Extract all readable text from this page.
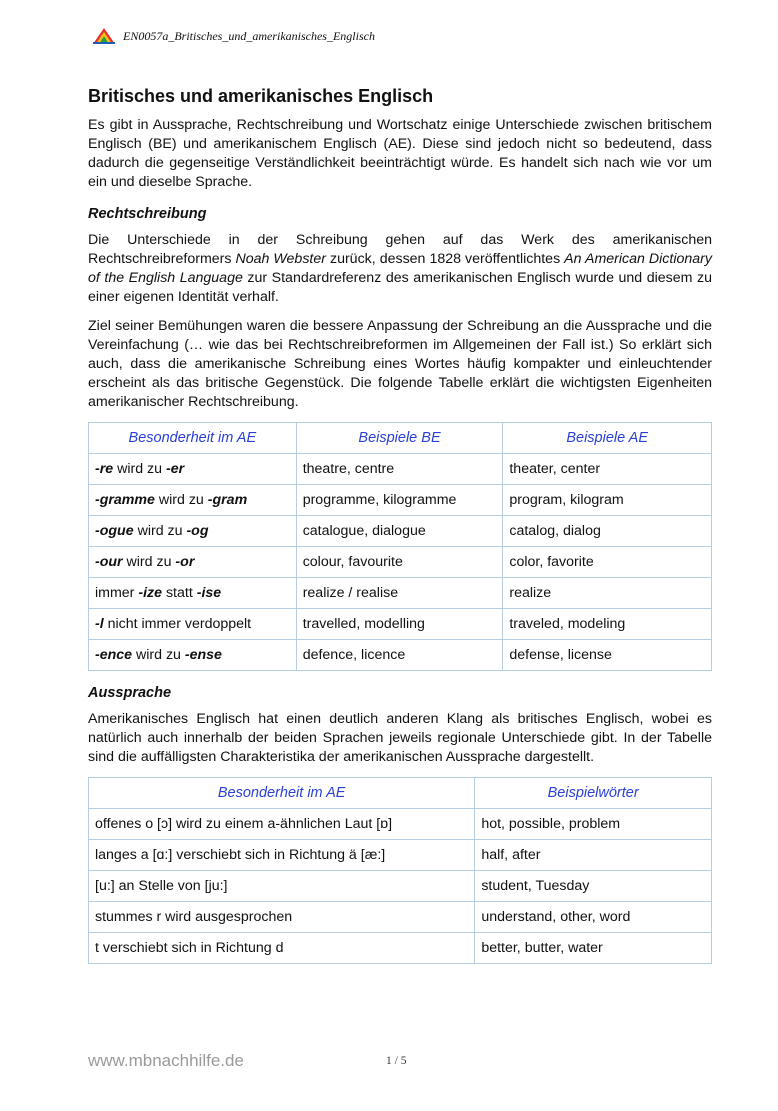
EN0057a_Britisches_und_amerikanisches_Englisch
Britisches und amerikanisches Englisch

Es gibt in Aussprache, Rechtschreibung und Wortschatz einige Unterschiede zwischen britischem Englisch (BE) und amerikanischem Englisch (AE). Diese sind jedoch nicht so bedeutend, dass dadurch die gegenseitige Verständlichkeit beeinträchtigt würde. Es handelt sich nach wie vor um ein und dieselbe Sprache.

Rechtschreibung

Die Unterschiede in der Schreibung gehen auf das Werk des amerikanischen Rechtschreibreformers Noah Webster zurück, dessen 1828 veröffentlichtes An American Dictionary of the English Language zur Standardreferenz des amerikanischen Englisch wurde und diesem zu einer eigenen Identität verhalf.

Ziel seiner Bemühungen waren die bessere Anpassung der Schreibung an die Aussprache und die Vereinfachung (… wie das bei Rechtschreibreformen im Allgemeinen der Fall ist.) So erklärt sich auch, dass die amerikanische Schreibung eines Wortes häufig kompakter und einleuchtender erscheint als das britische Gegenstück. Die folgende Tabelle erklärt die wichtigsten Eigenheiten amerikanischer Rechtschreibung.

Besonderheit im AE	Beispiele BE	Beispiele AE
-re wird zu -er	theatre, centre	theater, center
-gramme wird zu -gram	programme, kilogramme	program, kilogram
-ogue wird zu -og	catalogue, dialogue	catalog, dialog
-our wird zu -or	colour, favourite	color, favorite
immer -ize statt -ise	realize / realise	realize
-l nicht immer verdoppelt	travelled, modelling	traveled, modeling
-ence wird zu -ense	defence, licence	defense, license
Aussprache

Amerikanisches Englisch hat einen deutlich anderen Klang als britisches Englisch, wobei es natürlich auch innerhalb der beiden Sprachen jeweils regionale Unterschiede gibt. In der Tabelle sind die auffälligsten Charakteristika der amerikanischen Aussprache dargestellt.

Besonderheit im AE	Beispielwörter
offenes o [ɔ] wird zu einem a-ähnlichen Laut [ɒ]	hot, possible, problem
langes a [ɑ:] verschiebt sich in Richtung ä [æ:]	half, after
[u:] an Stelle von [ju:]	student, Tuesday
stummes r wird ausgesprochen	understand, other, word
t verschiebt sich in Richtung d	better, butter, water
www.mbnachhilfe.de	1 / 5
